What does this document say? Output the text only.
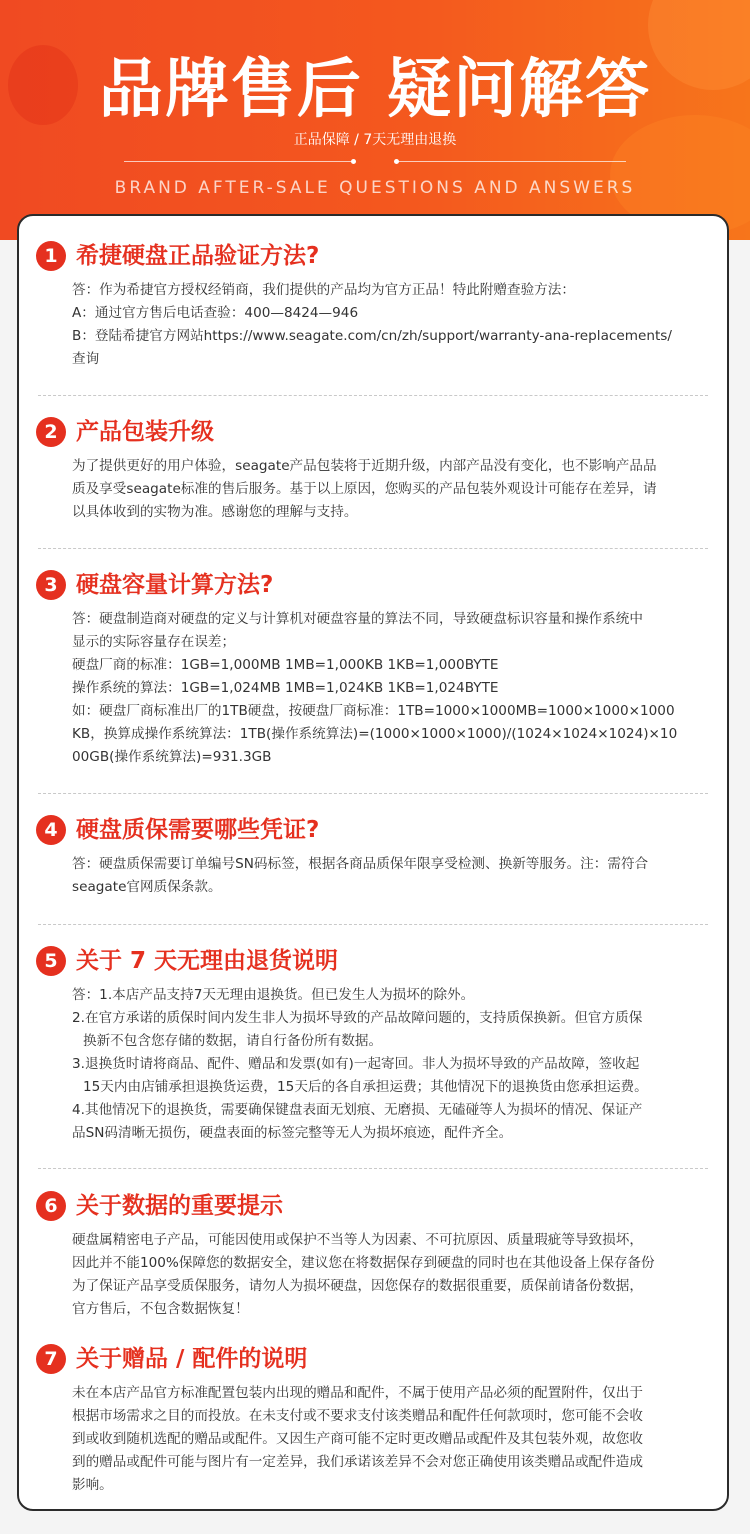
品牌售后 疑问解答
正品保障 / 7天无理由退换
BRAND AFTER-SALE QUESTIONS AND ANSWERS
1 希捷硬盘正品验证方法?
答：作为希捷官方授权经销商，我们提供的产品均为官方正品！特此附赠查验方法：
A：通过官方售后电话查验：400—8424—946
B：登陆希捷官方网站https://www.seagate.com/cn/zh/support/warranty-ana-replacements/
查询
2 产品包装升级
为了提供更好的用户体验，seagate产品包装将于近期升级，内部产品没有变化，也不影响产品品
质及享受seagate标准的售后服务。基于以上原因，您购买的产品包装外观设计可能存在差异，请
以具体收到的实物为准。感谢您的理解与支持。
3 硬盘容量计算方法?
答：硬盘制造商对硬盘的定义与计算机对硬盘容量的算法不同，导致硬盘标识容量和操作系统中
显示的实际容量存在误差；
硬盘厂商的标准：1GB=1,000MB 1MB=1,000KB 1KB=1,000BYTE
操作系统的算法：1GB=1,024MB 1MB=1,024KB 1KB=1,024BYTE
如：硬盘厂商标准出厂的1TB硬盘，按硬盘厂商标准：1TB=1000×1000MB=1000×1000×1000
KB，换算成操作系统算法：1TB(操作系统算法)=(1000×1000×1000)/(1024×1024×1024)×10
00GB(操作系统算法)=931.3GB
4 硬盘质保需要哪些凭证?
答：硬盘质保需要订单编号SN码标签，根据各商品质保年限享受检测、换新等服务。注：需符合
seagate官网质保条款。
5 关于 7 天无理由退货说明
答：1.本店产品支持7天无理由退换货。但已发生人为损坏的除外。
2.在官方承诺的质保时间内发生非人为损坏导致的产品故障问题的，支持质保换新。但官方质保
换新不包含您存储的数据，请自行备份所有数据。
3.退换货时请将商品、配件、赠品和发票(如有)一起寄回。非人为损坏导致的产品故障，签收起
15天内由店铺承担退换货运费，15天后的各自承担运费；其他情况下的退换货由您承担运费。
4.其他情况下的退换货，需要确保键盘表面无划痕、无磨损、无磕碰等人为损坏的情况、保证产
品SN码清晰无损伤，硬盘表面的标签完整等无人为损坏痕迹，配件齐全。
6 关于数据的重要提示
硬盘属精密电子产品，可能因使用或保护不当等人为因素、不可抗原因、质量瑕疵等导致损坏，
因此并不能100%保障您的数据安全，建议您在将数据保存到硬盘的同时也在其他设备上保存备份
为了保证产品享受质保服务，请勿人为损坏硬盘，因您保存的数据很重要，质保前请备份数据，
官方售后，不包含数据恢复！
7 关于赠品 / 配件的说明
未在本店产品官方标准配置包装内出现的赠品和配件，不属于使用产品必须的配置附件，仅出于
根据市场需求之目的而投放。在未支付或不要求支付该类赠品和配件任何款项时，您可能不会收
到或收到随机选配的赠品或配件。又因生产商可能不定时更改赠品或配件及其包装外观，故您收
到的赠品或配件可能与图片有一定差异，我们承诺该差异不会对您正确使用该类赠品或配件造成
影响。
